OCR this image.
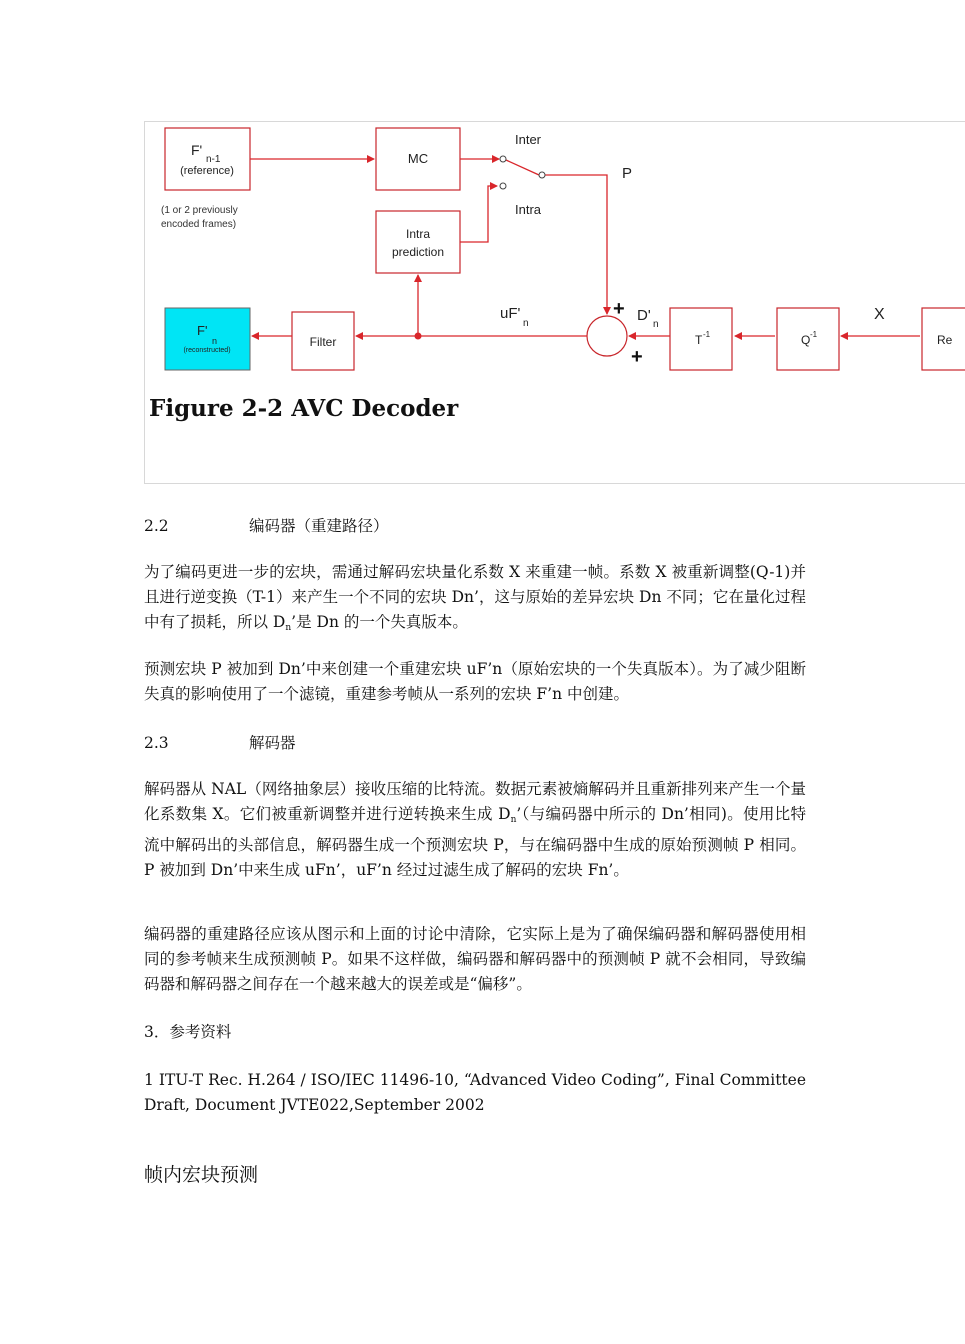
F'
n-1
(reference)
(1 or 2 previously
encoded frames)
MC
Intra
prediction
F'
n
(reconstructed)
Filter	T -1	Q -1	Re
Inter
Intra
P
uF'
n
+
+
D'
n
X
Figure 2-2 AVC Decoder
2.2	编码器（重建路径）

为了编码更进一步的宏块，需通过解码宏块量化系数 X 来重建一帧。系数 X 被重新调整(Q-1)并且进行逆变换（T-1）来产生一个不同的宏块 Dn’，这与原始的差异宏块 Dn 不同；它在量化过程中有了损耗，所以 $D_n$’是 Dn 的一个失真版本。

预测宏块 P 被加到 Dn’中来创建一个重建宏块 uF’n（原始宏块的一个失真版本）。为了减少阻断失真的影响使用了一个滤镜，重建参考帧从一系列的宏块 F’n 中创建。

2.3	解码器

解码器从 NAL（网络抽象层）接收压缩的比特流。数据元素被熵解码并且重新排列来产生一个量化系数集 X。它们被重新调整并进行逆转换来生成 $D_n$’（与编码器中所示的 Dn’相同)。使用比特流中解码出的头部信息，解码器生成一个预测宏块 P，与在编码器中生成的原始预测帧 P 相同。P 被加到 Dn’中来生成 uFn’，uF’n 经过过滤生成了解码的宏块 Fn’。

编码器的重建路径应该从图示和上面的讨论中清除，它实际上是为了确保编码器和解码器使用相同的参考帧来生成预测帧 P。如果不这样做，编码器和解码器中的预测帧 P 就不会相同，导致编码器和解码器之间存在一个越来越大的误差或是“偏移”。

3．参考资料

1 ITU-T Rec. H.264 / ISO/IEC 11496-10, “Advanced Video Coding”, Final Committee Draft, Document JVTE022,September 2002

帧内宏块预测
